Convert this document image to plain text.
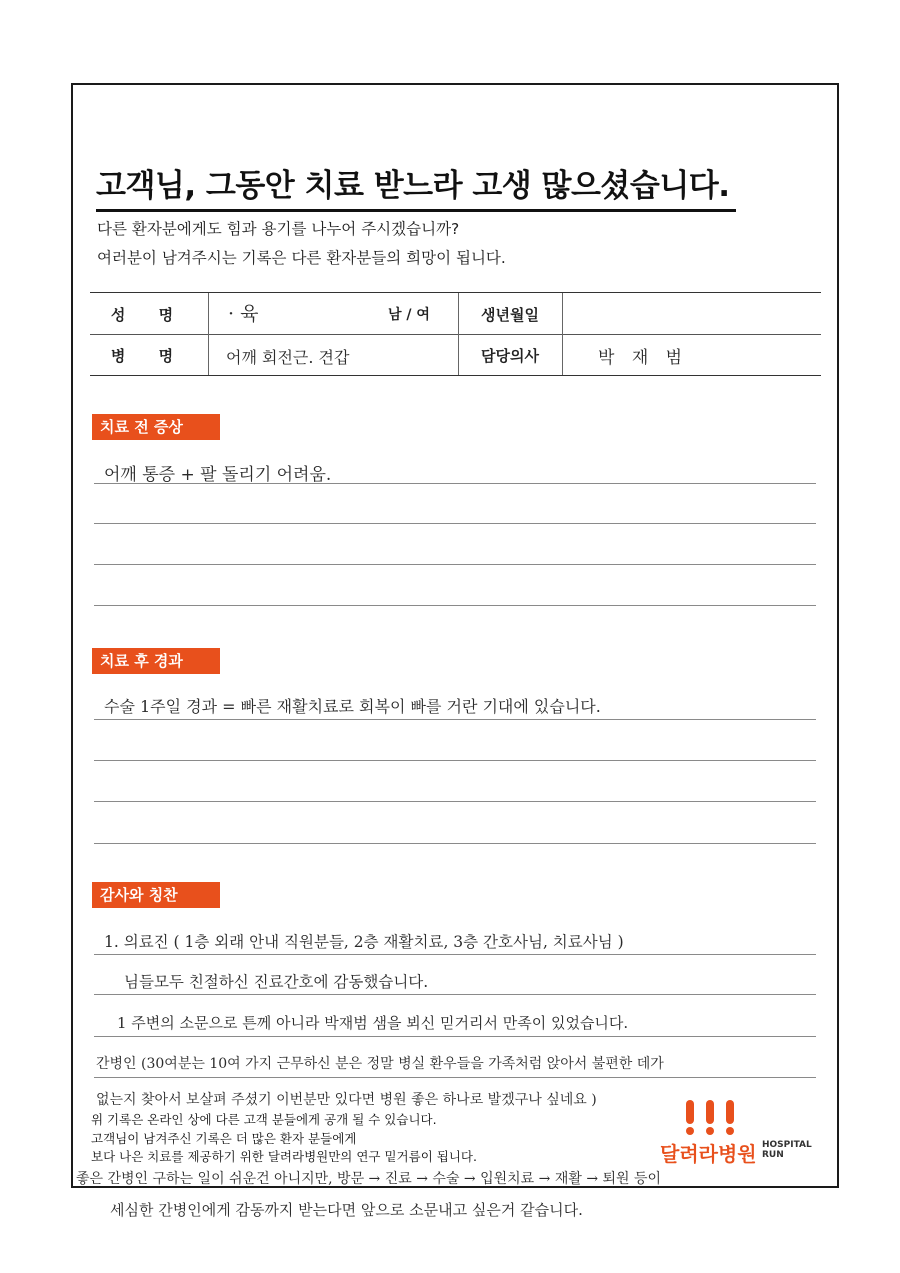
고객님, 그동안 치료 받느라 고생 많으셨습니다.
다른 환자분에게도 힘과 용기를 나누어 주시겠습니까?
여러분이 남겨주시는 기록은 다른 환자분들의 희망이 됩니다.
성 명	· 육	남 / 여	생년월일
병 명	어깨 회전근. 견갑	담당의사	박 재 범
치료 전 증상
어깨 통증 + 팔 돌리기 어려움.
치료 후 경과
수술 1주일 경과 = 빠른 재활치료로 회복이 빠를 거란 기대에 있습니다.
감사와 칭찬
1. 의료진 ( 1층 외래 안내 직원분들, 2층 재활치료, 3층 간호사님, 치료사님 )
님들모두 친절하신 진료간호에 감동했습니다.
1 주변의 소문으로 튼께 아니라 박재범 샘을 뵈신 믿거리서 만족이 있었습니다.
간병인 (30여분는 10여 가지 근무하신 분은 정말 병실 환우들을 가족처럼 앉아서 불편한 데가
없는지 찾아서 보살펴 주셨기 이번분만 있다면 병원 좋은 하나로 발겠구나 싶네요 )
위 기록은 온라인 상에 다른 고객 분들에게 공개 될 수 있습니다.
고객님이 남겨주신 기록은 더 많은 환자 분들에게
보다 나은 치료를 제공하기 위한 달려라병원만의 연구 밑거름이 됩니다.	달려라병원 HOSPITAL
RUN
좋은 간병인 구하는 일이 쉬운건 아니지만, 방문 → 진료 → 수술 → 입원치료 → 재활 → 퇴원 등이
세심한 간병인에게 감동까지 받는다면 앞으로 소문내고 싶은거 같습니다.
